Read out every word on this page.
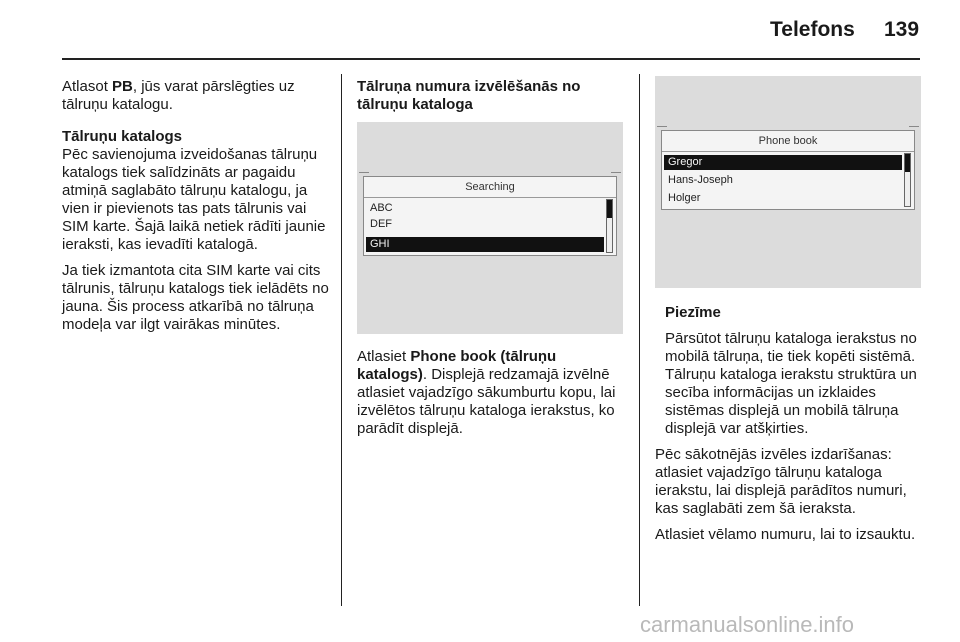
Telefons 139

Atlasot PB, jūs varat pārslēgties uz tālruņu katalogu.

Tālruņu katalogs

Pēc savienojuma izveidošanas tālruņu katalogs tiek salīdzināts ar pagaidu atmiņā saglabāto tālruņu katalogu, ja vien ir pievienots tas pats tālrunis vai SIM karte. Šajā laikā netiek rādīti jaunie ieraksti, kas ievadīti katalogā.

Ja tiek izmantota cita SIM karte vai cits tālrunis, tālruņu katalogs tiek ielādēts no jauna. Šis process atkarībā no tālruņa modeļa var ilgt vairākas minūtes.

Tālruņa numura izvēlēšanās no tālruņu kataloga

Searching
ABC
DEF
GHI

Atlasiet Phone book (tālruņu katalogs). Displejā redzamajā izvēlnē atlasiet vajadzīgo sākumburtu kopu, lai izvēlētos tālruņu kataloga ierakstus, ko parādīt displejā.

Phone book
Gregor
Hans-Joseph
Holger

Piezīme

Pārsūtot tālruņu kataloga ierakstus no mobilā tālruņa, tie tiek kopēti sistēmā. Tālruņu kataloga ierakstu struktūra un secība informācijas un izklaides sistēmas displejā un mobilā tālruņa displejā var atšķirties.

Pēc sākotnējās izvēles izdarīšanas: atlasiet vajadzīgo tālruņu kataloga ierakstu, lai displejā parādītos numuri, kas saglabāti zem šā ieraksta.

Atlasiet vēlamo numuru, lai to izsauktu.

carmanualsonline.info
